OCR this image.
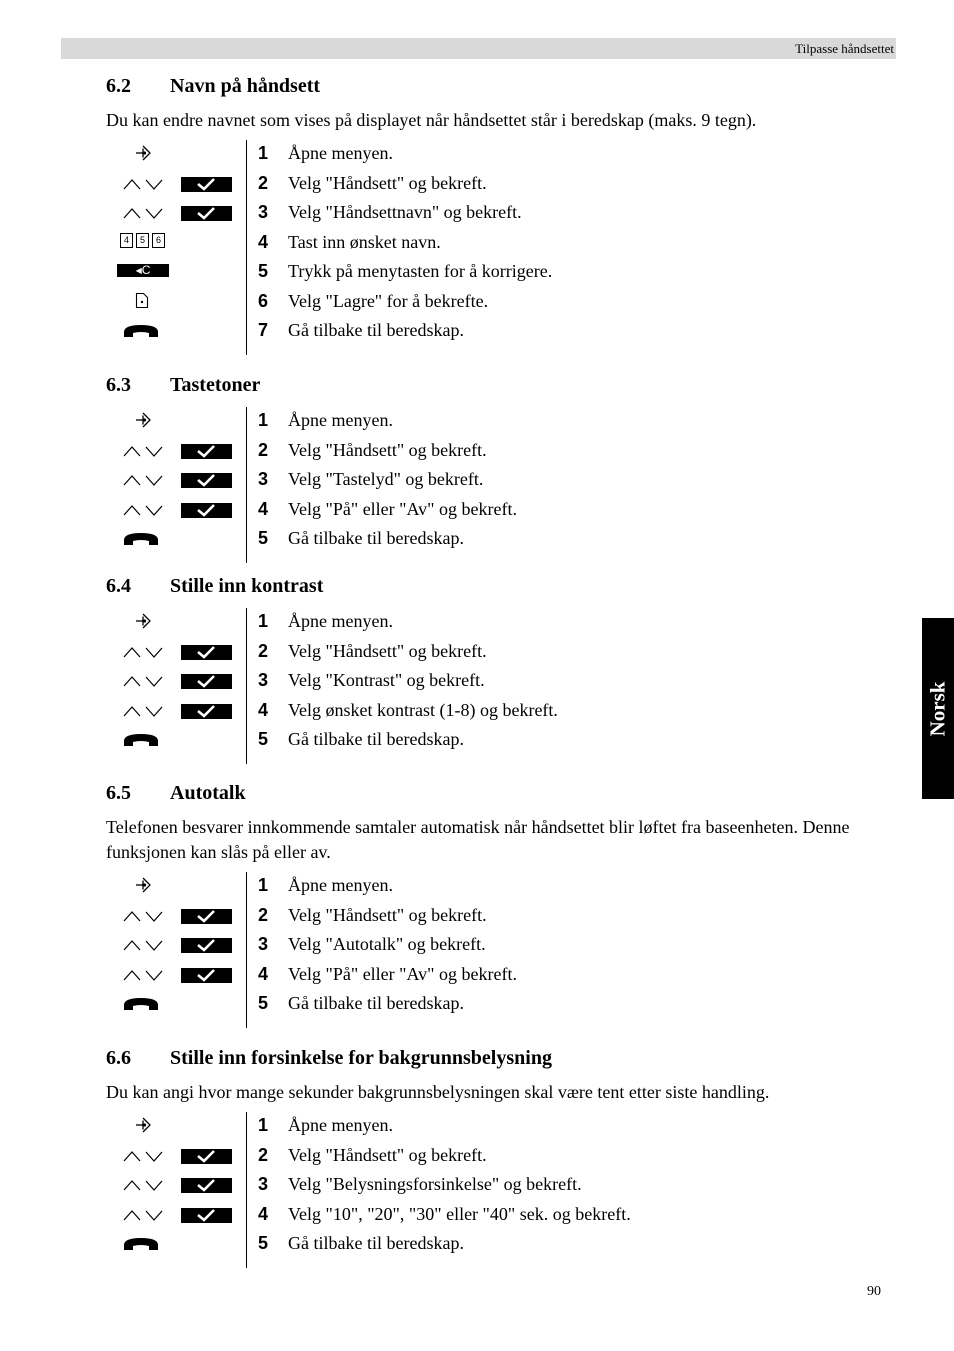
Tilpasse håndsettet
Norsk
6.2 Navn på håndsett
Du kan endre navnet som vises på displayet når håndsettet står i beredskap (maks. 9 tegn).
1 Åpne menyen.
2 Velg "Håndsett" og bekreft.
3 Velg "Håndsettnavn" og bekreft.
4	5	6	4 Tast inn ønsket navn.
$^{◀C}$	5 Trykk på menytasten for å korrigere.
6 Velg "Lagre" for å bekrefte.
7 Gå tilbake til beredskap.
6.3 Tastetoner
1 Åpne menyen.
2 Velg "Håndsett" og bekreft.
3 Velg "Tastelyd" og bekreft.
4 Velg "På" eller "Av" og bekreft.
5 Gå tilbake til beredskap.
6.4 Stille inn kontrast
1 Åpne menyen.
2 Velg "Håndsett" og bekreft.
3 Velg "Kontrast" og bekreft.
4 Velg ønsket kontrast (1-8) og bekreft.
5 Gå tilbake til beredskap.
6.5 Autotalk
Telefonen besvarer innkommende samtaler automatisk når håndsettet blir løftet fra baseenheten. Denne funksjonen kan slås på eller av.
1 Åpne menyen.
2 Velg "Håndsett" og bekreft.
3 Velg "Autotalk" og bekreft.
4 Velg "På" eller "Av" og bekreft.
5 Gå tilbake til beredskap.
6.6 Stille inn forsinkelse for bakgrunnsbelysning
Du kan angi hvor mange sekunder bakgrunnsbelysningen skal være tent etter siste handling.
1 Åpne menyen.
2 Velg "Håndsett" og bekreft.
3 Velg "Belysningsforsinkelse" og bekreft.
4 Velg "10", "20", "30" eller "40" sek. og bekreft.
5 Gå tilbake til beredskap.
90
